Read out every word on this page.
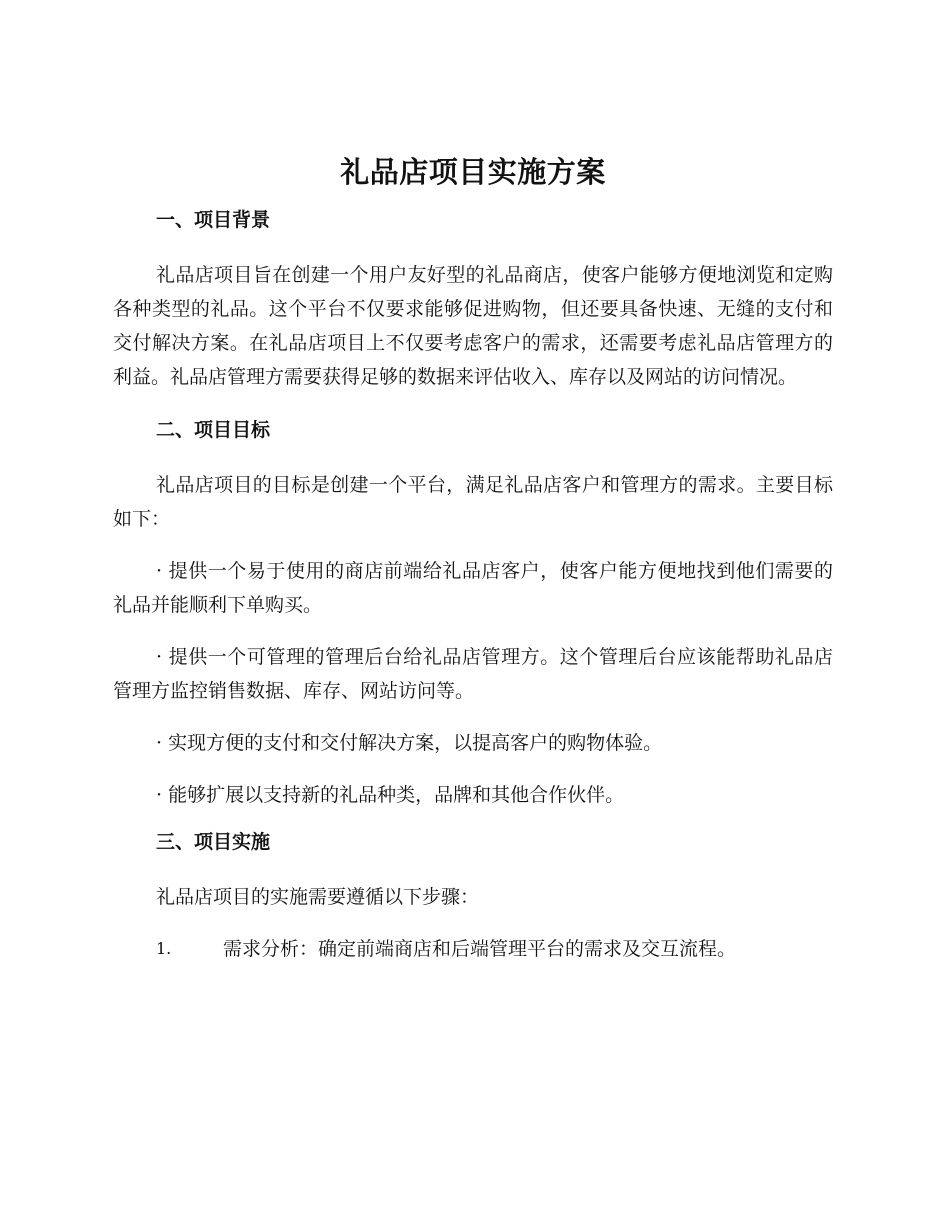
礼品店项目实施方案
一、项目背景

礼品店项目旨在创建一个用户友好型的礼品商店，使客户能够方便地浏览和定购各种类型的礼品。这个平台不仅要求能够促进购物，但还要具备快速、无缝的支付和交付解决方案。在礼品店项目上不仅要考虑客户的需求，还需要考虑礼品店管理方的利益。礼品店管理方需要获得足够的数据来评估收入、库存以及网站的访问情况。

二、项目目标

礼品店项目的目标是创建一个平台，满足礼品店客户和管理方的需求。主要目标如下：

· 提供一个易于使用的商店前端给礼品店客户，使客户能方便地找到他们需要的礼品并能顺利下单购买。

· 提供一个可管理的管理后台给礼品店管理方。这个管理后台应该能帮助礼品店管理方监控销售数据、库存、网站访问等。

· 实现方便的支付和交付解决方案，以提高客户的购物体验。

· 能够扩展以支持新的礼品种类，品牌和其他合作伙伴。

三、项目实施

礼品店项目的实施需要遵循以下步骤：

1.	需求分析：确定前端商店和后端管理平台的需求及交互流程。
